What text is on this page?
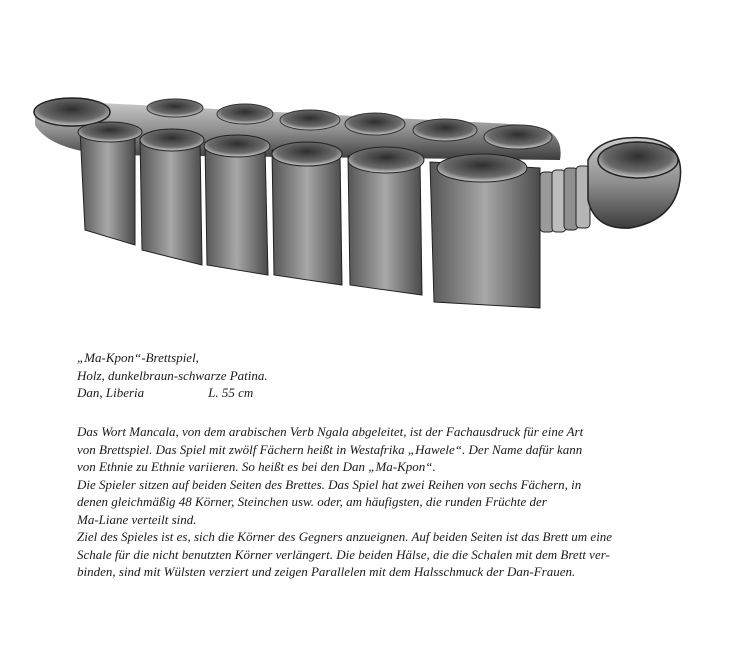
„Ma-Kpon“-Brettspiel,
Holz, dunkelbraun-schwarze Patina.
Dan, Liberia	L. 55 cm

Das Wort Mancala, von dem arabischen Verb Ngala abgeleitet, ist der Fachausdruck für eine Art

von Brettspiel. Das Spiel mit zwölf Fächern heißt in Westafrika „Hawele“. Der Name dafür kann

von Ethnie zu Ethnie variieren. So heißt es bei den Dan „Ma-Kpon“.

Die Spieler sitzen auf beiden Seiten des Brettes. Das Spiel hat zwei Reihen von sechs Fächern, in

denen gleichmäßig 48 Körner, Steinchen usw. oder, am häufigsten, die runden Früchte der

Ma-Liane verteilt sind.

Ziel des Spieles ist es, sich die Körner des Gegners anzueignen. Auf beiden Seiten ist das Brett um eine

Schale für die nicht benutzten Körner verlängert. Die beiden Hälse, die die Schalen mit dem Brett ver-

binden, sind mit Wülsten verziert und zeigen Parallelen mit dem Halsschmuck der Dan-Frauen.
